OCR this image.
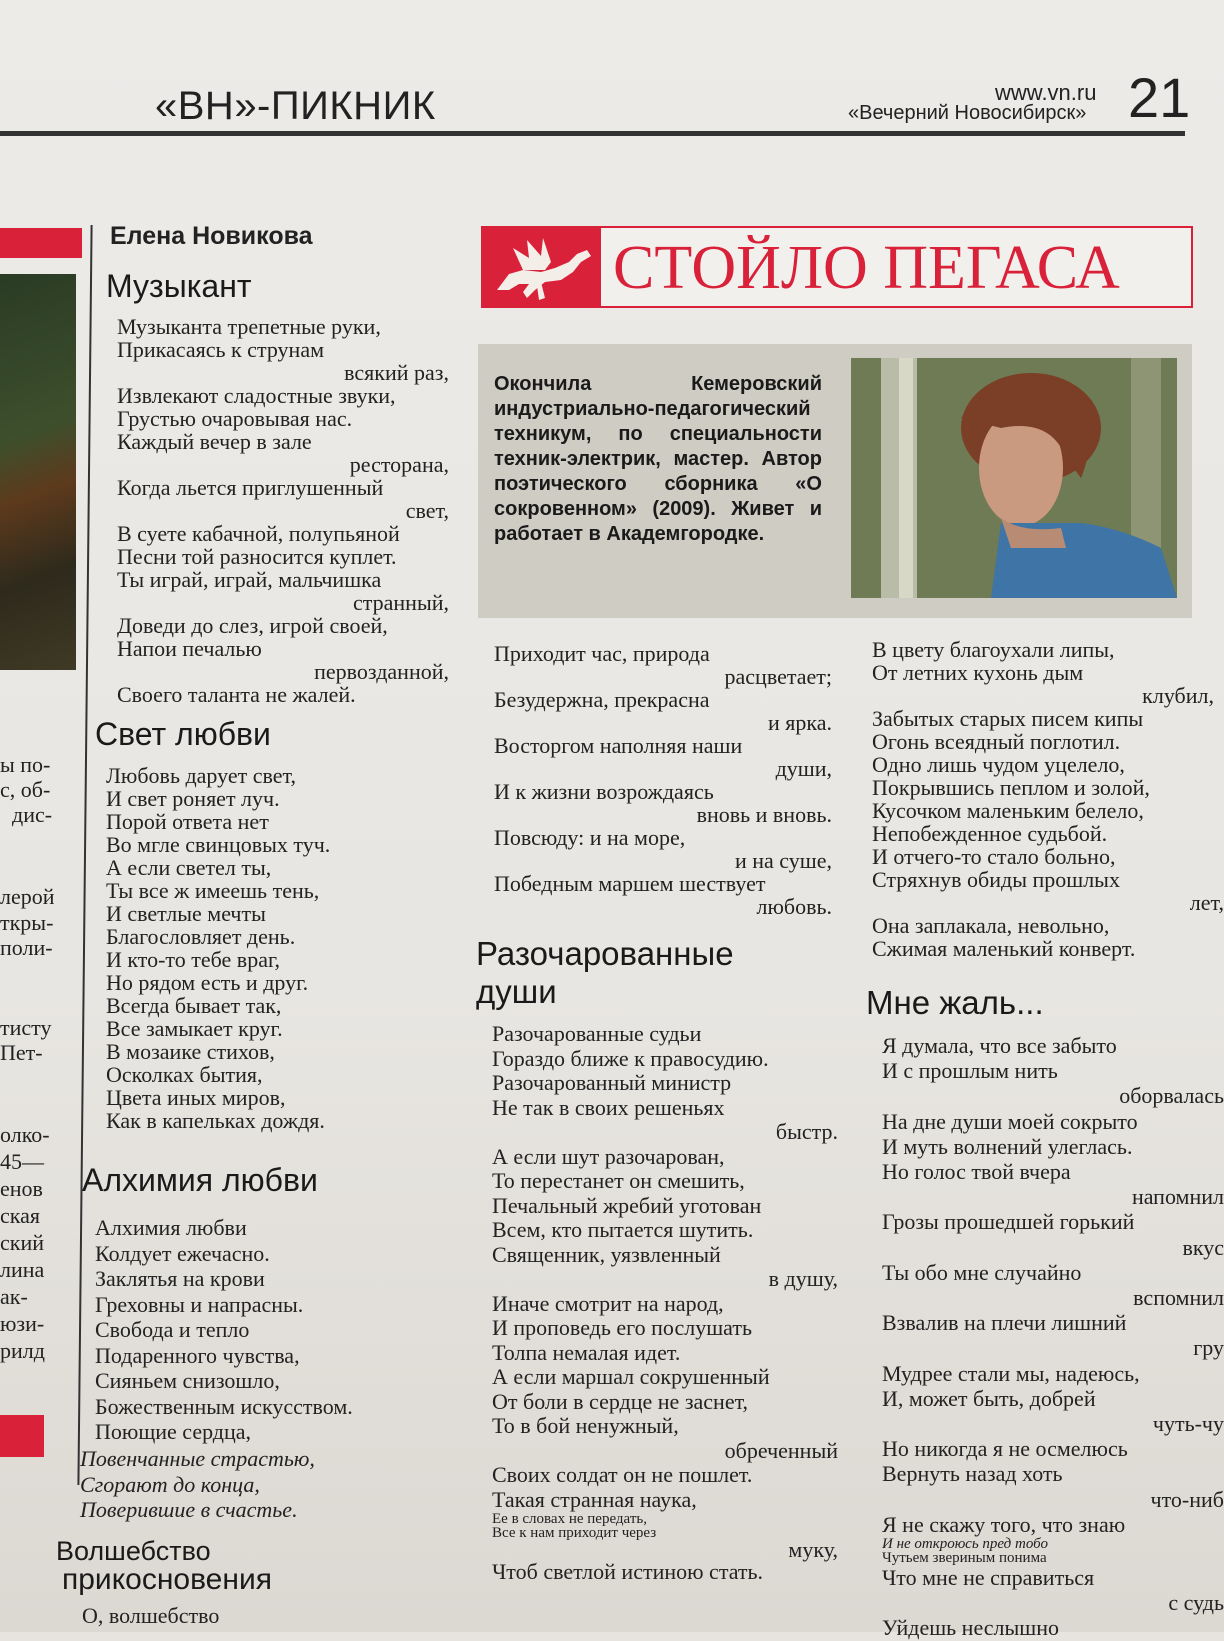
«ВН»-ПИКНИК	www.vn.ru
«Вечерний Новосибирск» 21
ы по-
с, об-
дис-
лерой
ткры-
поли-
тисту
Пет-
олко-
45—
енов
ская
ский
лина
ак-
юзи-
рилд
Елена Новикова
Музыкант
Музыканта трепетные руки,
Прикасаясь к струнам

всякий раз,
Извлекают сладостные звуки,
Грустью очаровывая нас.
Каждый вечер в зале

ресторана,
Когда льется приглушенный

свет,
В суете кабачной, полупьяной
Песни той разносится куплет.
Ты играй, играй, мальчишка

странный,
Доведи до слез, игрой своей,
Напои печалью

первозданной,
Своего таланта не жалей.
Свет любви
Любовь дарует свет,
И свет роняет луч.
Порой ответа нет
Во мгле свинцовых туч.
А если светел ты,
Ты все ж имеешь тень,
И светлые мечты
Благословляет день.
И кто-то тебе враг,
Но рядом есть и друг.
Всегда бывает так,
Все замыкает круг.
В мозаике стихов,
Осколках бытия,
Цвета иных миров,
Как в капельках дождя.
Алхимия любви
Алхимия любви
Колдует ежечасно.
Заклятья на крови
Греховны и напрасны.
Свобода и тепло
Подаренного чувства,
Сияньем снизошло,
Божественным искусством.
Поющие сердца,
Повенчанные страстью,
Сгорают до конца,
Поверившие в счастье.
Волшебство
прикосновения
О, волшебство
СТОЙЛО ПЕГАСА
Окончила Кемеровский индустриально-педагогический техникум, по специальности техник-электрик, мастер. Автор поэтического сборника «О сокровенном» (2009). Живет и работает в Академгородке.
Приходит час, природа

расцветает;
Безудержна, прекрасна

и ярка.
Восторгом наполняя наши

души,
И к жизни возрождаясь

вновь и вновь.
Повсюду: и на море,

и на суше,
Победным маршем шествует

любовь.
Разочарованные
души
Разочарованные судьи
Гораздо ближе к правосудию.
Разочарованный министр
Не так в своих решеньях

быстр.
А если шут разочарован,
То перестанет он смешить,
Печальный жребий уготован
Всем, кто пытается шутить.
Священник, уязвленный

в душу,
Иначе смотрит на народ,
И проповедь его послушать
Толпа немалая идет.
А если маршал сокрушенный
От боли в сердце не заснет,
То в бой ненужный,

обреченный
Своих солдат он не пошлет.
Такая странная наука,

Ее в словах не передать,
Все к нам приходит через
муку,
Чтоб светлой истиною стать.
В цвету благоухали липы,
От летних кухонь дым

клубил,
Забытых старых писем кипы
Огонь всеядный поглотил.
Одно лишь чудом уцелело,
Покрывшись пеплом и золой,
Кусочком маленьким белело,
Непобежденное судьбой.
И отчего-то стало больно,
Стряхнув обиды прошлых

лет,
Она заплакала, невольно,
Сжимая маленький конверт.
Мне жаль...
Я думала, что все забыто
И с прошлым нить

оборвалась
На дне души моей сокрыто
И муть волнений улеглась.
Но голос твой вчера

напомнил
Грозы прошедшей горький

вкус
Ты обо мне случайно

вспомнил
Взвалив на плечи лишний

гру
Мудрее стали мы, надеюсь,
И, может быть, добрей

чуть-чу
Но никогда я не осмелюсь
Вернуть назад хоть

что-ниб
Я не скажу того, что знаю

И не откроюсь пред тобо
Чутьем звериным понима
Что мне не справиться

с судь
Уйдешь неслышно
